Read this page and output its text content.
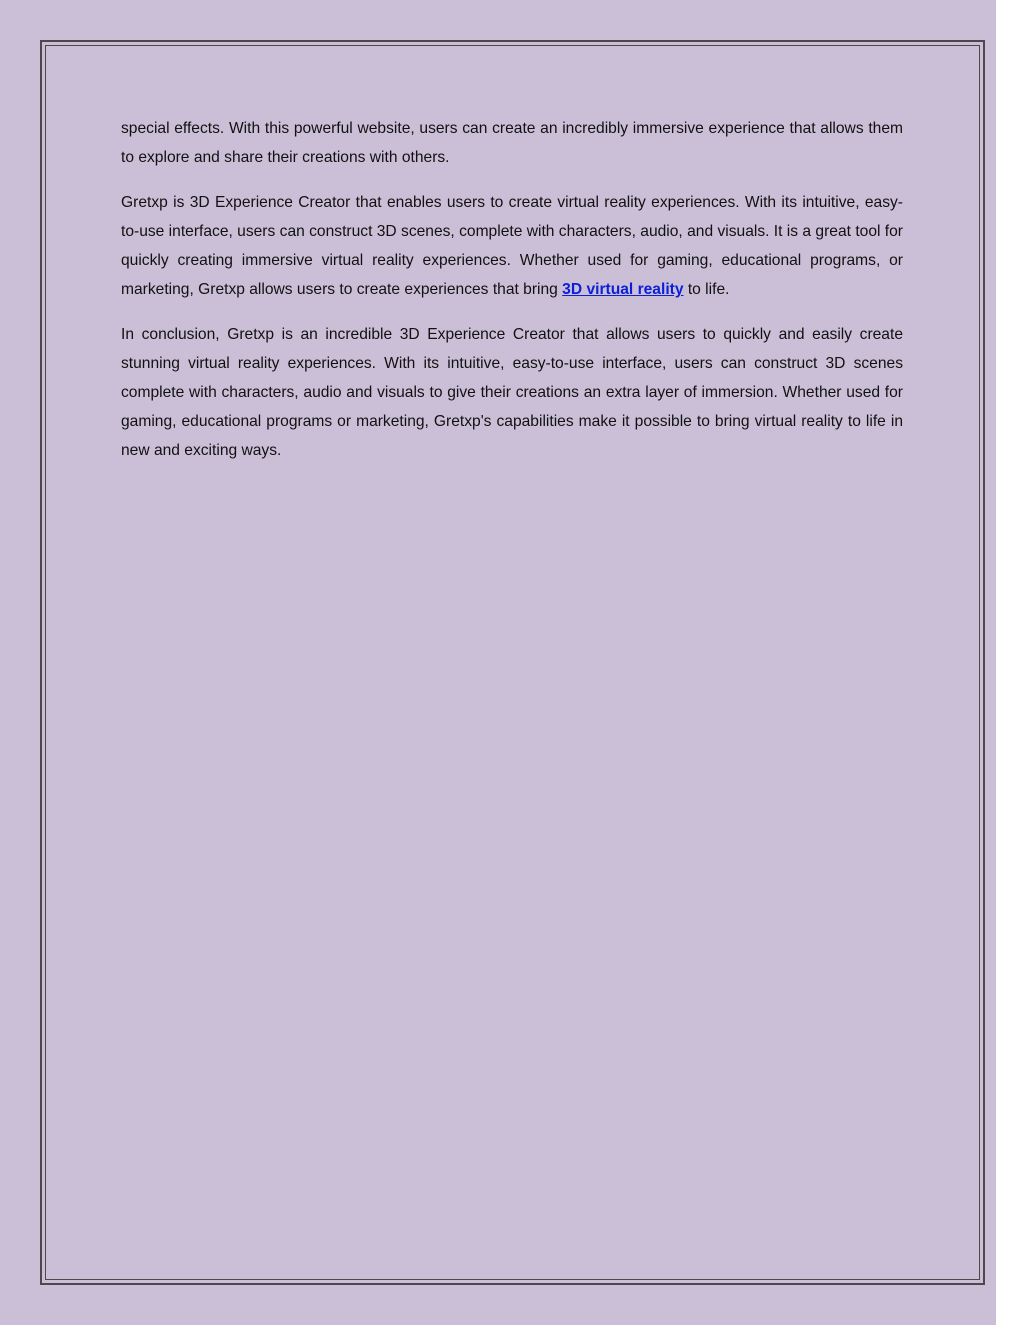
special effects. With this powerful website, users can create an incredibly immersive experience that allows them to explore and share their creations with others.

Gretxp is 3D Experience Creator that enables users to create virtual reality experiences. With its intuitive, easy-to-use interface, users can construct 3D scenes, complete with characters, audio, and visuals. It is a great tool for quickly creating immersive virtual reality experiences. Whether used for gaming, educational programs, or marketing, Gretxp allows users to create experiences that bring 3D virtual reality to life.

In conclusion, Gretxp is an incredible 3D Experience Creator that allows users to quickly and easily create stunning virtual reality experiences. With its intuitive, easy-to-use interface, users can construct 3D scenes complete with characters, audio and visuals to give their creations an extra layer of immersion. Whether used for gaming, educational programs or marketing, Gretxp's capabilities make it possible to bring virtual reality to life in new and exciting ways.
